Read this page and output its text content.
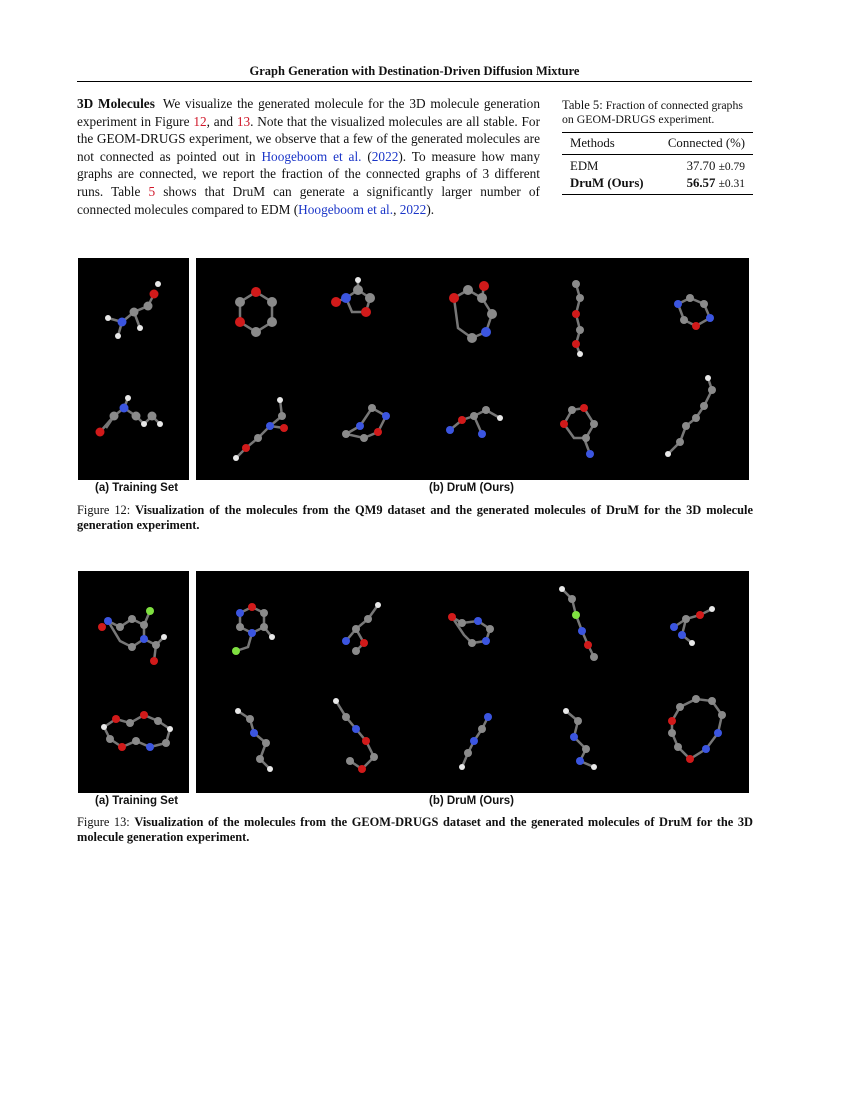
Graph Generation with Destination-Driven Diffusion Mixture
3D Molecules We visualize the generated molecule for the 3D molecule generation experiment in Figure 12, and 13. Note that the visualized molecules are all stable. For the GEOM-DRUGS experiment, we observe that a few of the generated molecules are not connected as pointed out in Hoogeboom et al. (2022). To measure how many graphs are connected, we report the fraction of the connected graphs of 3 different runs. Table 5 shows that DruM can generate a significantly larger number of connected molecules compared to EDM (Hoogeboom et al., 2022).
Table 5: Fraction of connected graphs on GEOM-DRUGS experiment.
Methods	Connected (%)
EDM	37.70 ±0.79
DruM (Ours)	56.57 ±0.31
(a) Training Set	(b) DruM (Ours)
Figure 12: Visualization of the molecules from the QM9 dataset and the generated molecules of DruM for the 3D molecule generation experiment.
(a) Training Set	(b) DruM (Ours)
Figure 13: Visualization of the molecules from the GEOM-DRUGS dataset and the generated molecules of DruM for the 3D molecule generation experiment.
